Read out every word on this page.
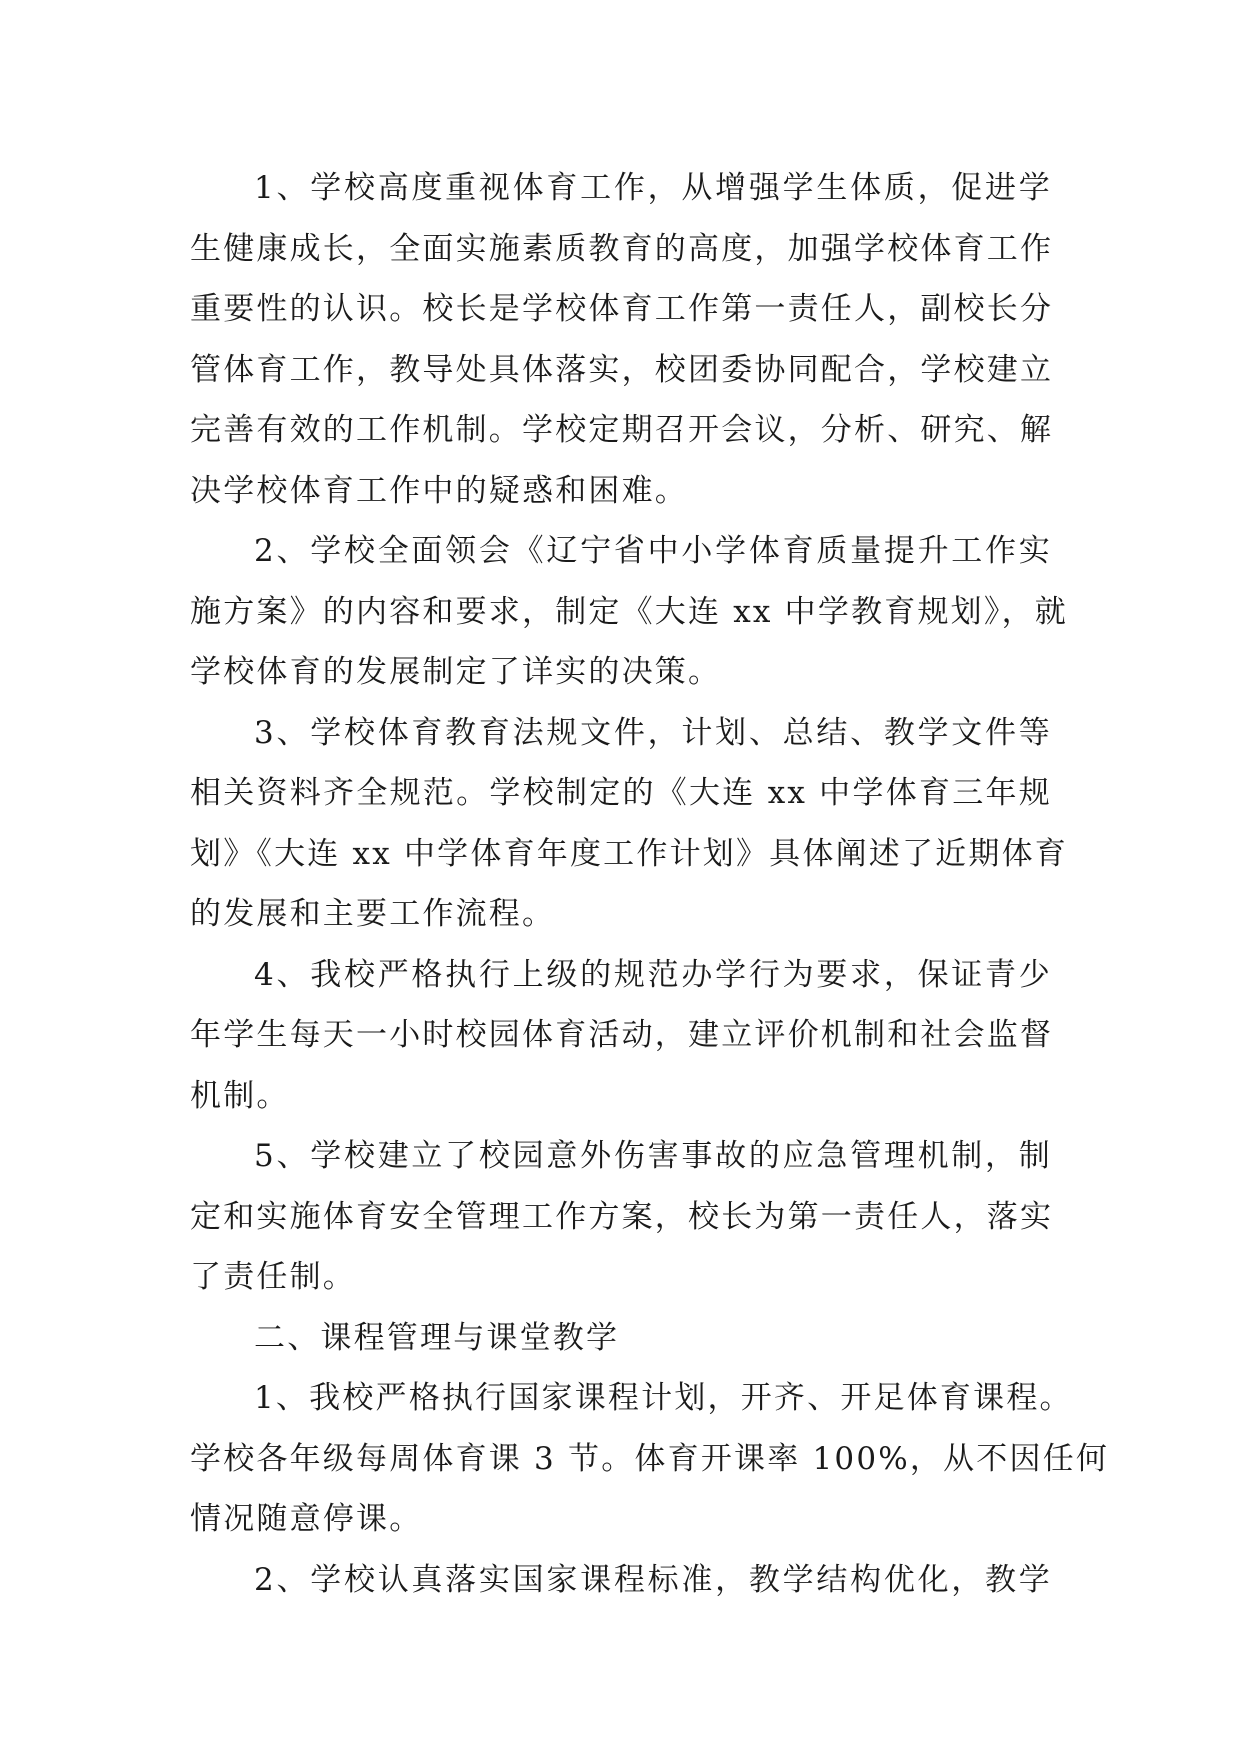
1、学校高度重视体育工作，从增强学生体质，促进学
生健康成长，全面实施素质教育的高度，加强学校体育工作
重要性的认识。校长是学校体育工作第一责任人，副校长分
管体育工作，教导处具体落实，校团委协同配合，学校建立
完善有效的工作机制。学校定期召开会议，分析、研究、解
决学校体育工作中的疑惑和困难。
2、学校全面领会《辽宁省中小学体育质量提升工作实
施方案》的内容和要求，制定《大连 xx 中学教育规划》，就
学校体育的发展制定了详实的决策。
3、学校体育教育法规文件，计划、总结、教学文件等
相关资料齐全规范。学校制定的《大连 xx 中学体育三年规
划》《大连 xx 中学体育年度工作计划》具体阐述了近期体育
的发展和主要工作流程。
4、我校严格执行上级的规范办学行为要求，保证青少
年学生每天一小时校园体育活动，建立评价机制和社会监督
机制。
5、学校建立了校园意外伤害事故的应急管理机制，制
定和实施体育安全管理工作方案，校长为第一责任人，落实
了责任制。
二、课程管理与课堂教学
1、我校严格执行国家课程计划，开齐、开足体育课程。
学校各年级每周体育课 3 节。体育开课率 100%，从不因任何
情况随意停课。
2、学校认真落实国家课程标准，教学结构优化，教学
